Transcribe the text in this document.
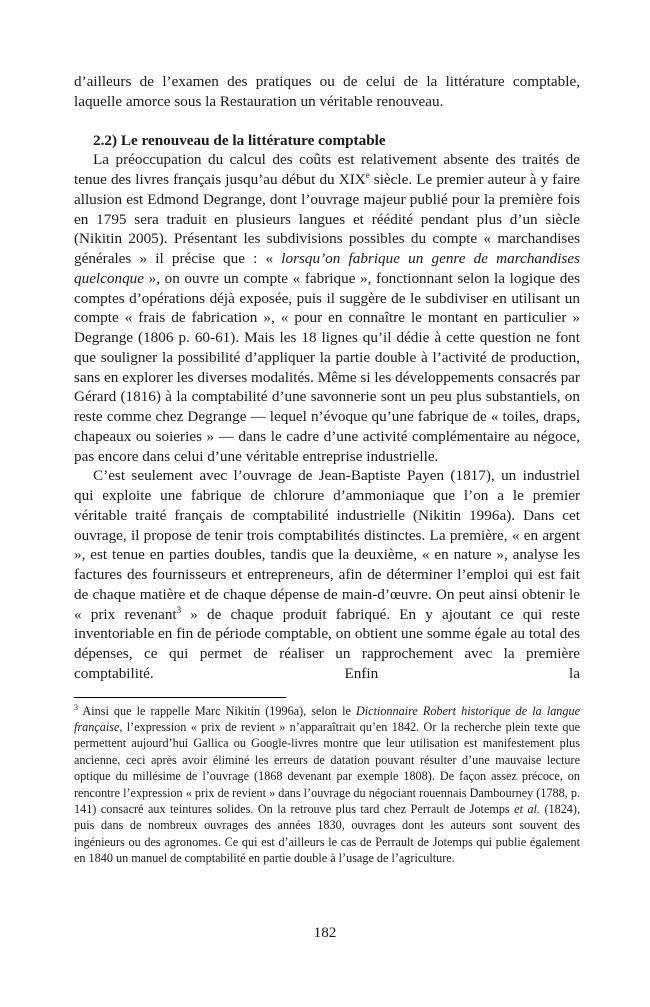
d’ailleurs de l’examen des pratiques ou de celui de la littérature comptable, laquelle amorce sous la Restauration un véritable renouveau.

2.2) Le renouveau de la littérature comptable

La préoccupation du calcul des coûts est relativement absente des traités de tenue des livres français jusqu’au début du XIXe siècle. Le premier auteur à y faire allusion est Edmond Degrange, dont l’ouvrage majeur publié pour la première fois en 1795 sera traduit en plusieurs langues et réédité pendant plus d’un siècle (Nikitin 2005). Présentant les subdivisions possibles du compte « marchandises générales » il précise que : « lorsqu’on fabrique un genre de marchandises quelconque », on ouvre un compte « fabrique », fonctionnant selon la logique des comptes d’opérations déjà exposée, puis il suggère de le subdiviser en utilisant un compte « frais de fabrication », « pour en connaître le montant en particulier » Degrange (1806 p. 60-61). Mais les 18 lignes qu’il dédie à cette question ne font que souligner la possibilité d’appliquer la partie double à l’activité de production, sans en explorer les diverses modalités. Même si les développements consacrés par Gérard (1816) à la comptabilité d’une savonnerie sont un peu plus substantiels, on reste comme chez Degrange — lequel n’évoque qu’une fabrique de « toiles, draps, chapeaux ou soieries » — dans le cadre d’une activité complémentaire au négoce, pas encore dans celui d’une véritable entreprise industrielle.

C’est seulement avec l’ouvrage de Jean-Baptiste Payen (1817), un industriel qui exploite une fabrique de chlorure d’ammoniaque que l’on a le premier véritable traité français de comptabilité industrielle (Nikitin 1996a). Dans cet ouvrage, il propose de tenir trois comptabilités distinctes. La première, « en argent », est tenue en parties doubles, tandis que la deuxième, « en nature », analyse les factures des fournisseurs et entrepreneurs, afin de déterminer l’emploi qui est fait de chaque matière et de chaque dépense de main-d’œuvre. On peut ainsi obtenir le « prix revenant$^3$ » de chaque produit fabriqué. En y ajoutant ce qui reste inventoriable en fin de période comptable, on obtient une somme égale au total des dépenses, ce qui permet de réaliser un rapprochement avec la première comptabilité. Enfin la

$^3$ Ainsi que le rappelle Marc Nikitin (1996a), selon le Dictionnaire Robert historique de la langue française, l’expression « prix de revient » n’apparaîtrait qu’en 1842. Or la recherche plein texte que permettent aujourd’hui Gallica ou Google-livres montre que leur utilisation est manifestement plus ancienne, ceci après avoir éliminé les erreurs de datation pouvant résulter d’une mauvaise lecture optique du millésime de l’ouvrage (1868 devenant par exemple 1808). De façon assez précoce, on rencontre l’expression « prix de revient » dans l’ouvrage du négociant rouennais Dambourney (1788, p. 141) consacré aux teintures solides. On la retrouve plus tard chez Perrault de Jotemps et al. (1824), puis dans de nombreux ouvrages des années 1830, ouvrages dont les auteurs sont souvent des ingénieurs ou des agronomes. Ce qui est d’ailleurs le cas de Perrault de Jotemps qui publie également en 1840 un manuel de comptabilité en partie double à l’usage de l’agriculture.

182
